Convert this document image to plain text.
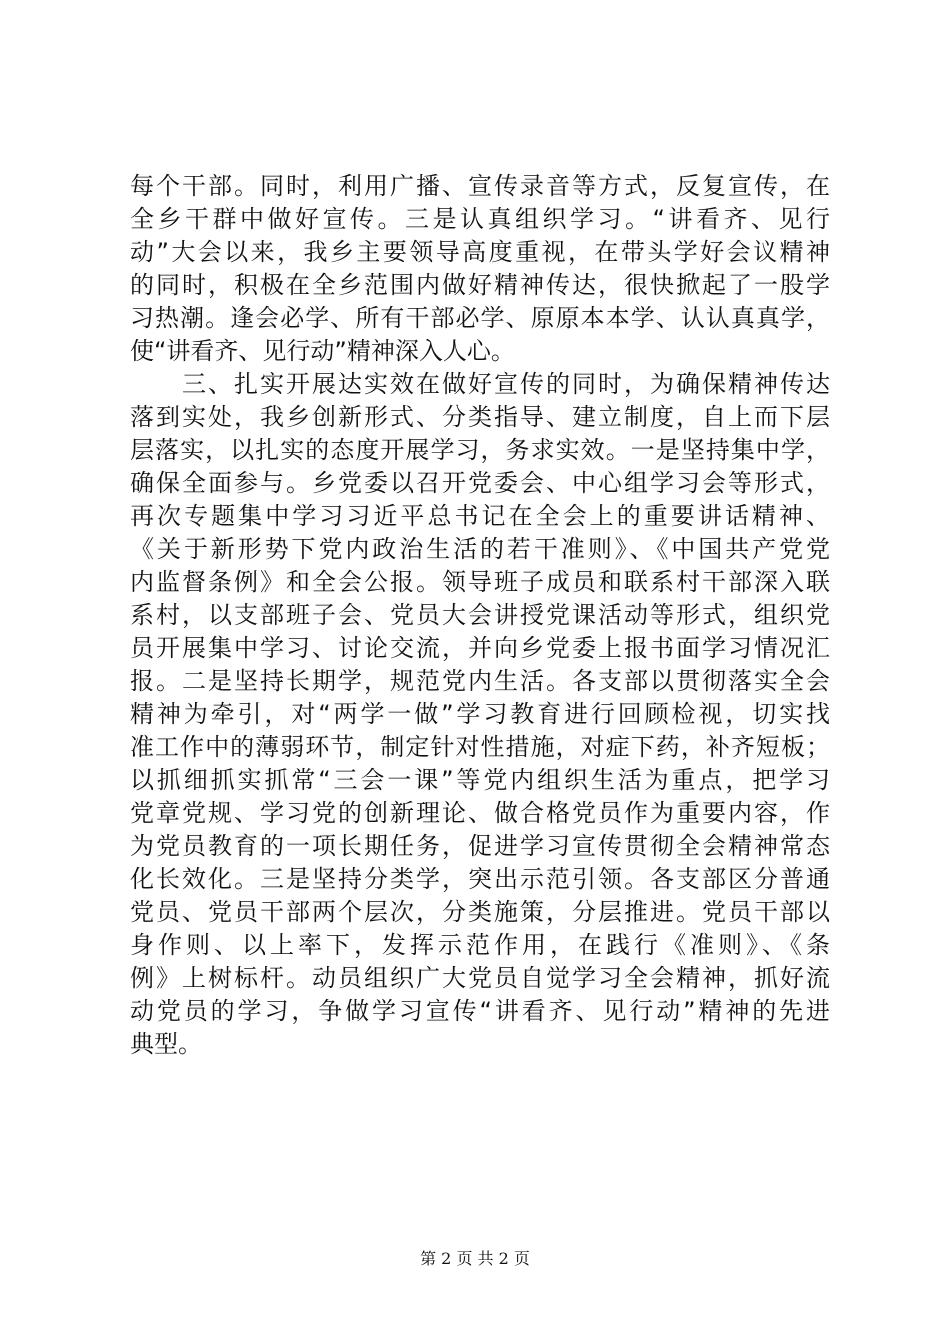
每个干部。同时，利用广播、宣传录音等方式，反复宣传，在
全乡干群中做好宣传。三是认真组织学习。“讲看齐、见行
动”大会以来，我乡主要领导高度重视，在带头学好会议精神
的同时，积极在全乡范围内做好精神传达，很快掀起了一股学
习热潮。逢会必学、所有干部必学、原原本本学、认认真真学，
使“讲看齐、见行动”精神深入人心。
　　三、扎实开展达实效在做好宣传的同时，为确保精神传达
落到实处，我乡创新形式、分类指导、建立制度，自上而下层
层落实，以扎实的态度开展学习，务求实效。一是坚持集中学，
确保全面参与。乡党委以召开党委会、中心组学习会等形式，
再次专题集中学习习近平总书记在全会上的重要讲话精神、
《关于新形势下党内政治生活的若干准则》、《中国共产党党
内监督条例》和全会公报。领导班子成员和联系村干部深入联
系村，以支部班子会、党员大会讲授党课活动等形式，组织党
员开展集中学习、讨论交流，并向乡党委上报书面学习情况汇
报。二是坚持长期学，规范党内生活。各支部以贯彻落实全会
精神为牵引，对“两学一做”学习教育进行回顾检视，切实找
准工作中的薄弱环节，制定针对性措施，对症下药，补齐短板；
以抓细抓实抓常“三会一课”等党内组织生活为重点，把学习
党章党规、学习党的创新理论、做合格党员作为重要内容，作
为党员教育的一项长期任务，促进学习宣传贯彻全会精神常态
化长效化。三是坚持分类学，突出示范引领。各支部区分普通
党员、党员干部两个层次，分类施策，分层推进。党员干部以
身作则、以上率下，发挥示范作用，在践行《准则》、《条
例》上树标杆。动员组织广大党员自觉学习全会精神，抓好流
动党员的学习，争做学习宣传“讲看齐、见行动”精神的先进
典型。
第 2 页 共 2 页
